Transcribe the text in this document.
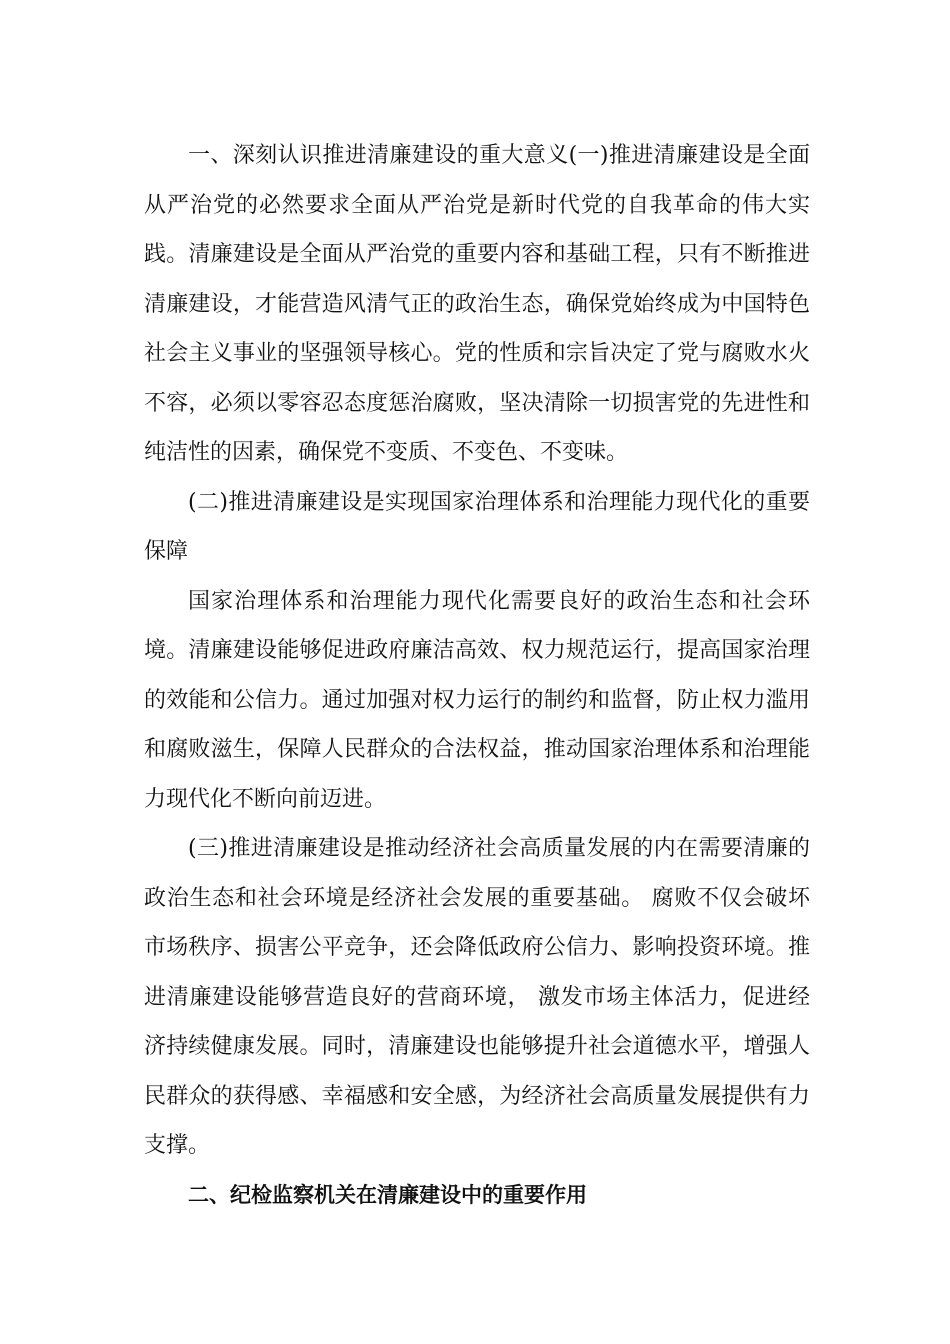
一、深刻认识推进清廉建设的重大意义(一)推进清廉建设是全面从严治党的必然要求全面从严治党是新时代党的自我革命的伟大实践。清廉建设是全面从严治党的重要内容和基础工程，只有不断推进清廉建设，才能营造风清气正的政治生态，确保党始终成为中国特色社会主义事业的坚强领导核心。党的性质和宗旨决定了党与腐败水火不容，必须以零容忍态度惩治腐败，坚决清除一切损害党的先进性和纯洁性的因素，确保党不变质、不变色、不变味。

(二)推进清廉建设是实现国家治理体系和治理能力现代化的重要保障

国家治理体系和治理能力现代化需要良好的政治生态和社会环境。清廉建设能够促进政府廉洁高效、权力规范运行，提高国家治理的效能和公信力。通过加强对权力运行的制约和监督，防止权力滥用和腐败滋生，保障人民群众的合法权益，推动国家治理体系和治理能力现代化不断向前迈进。

(三)推进清廉建设是推动经济社会高质量发展的内在需要清廉的政治生态和社会环境是经济社会发展的重要基础。 腐败不仅会破坏市场秩序、损害公平竞争，还会降低政府公信力、影响投资环境。推进清廉建设能够营造良好的营商环境， 激发市场主体活力，促进经济持续健康发展。同时，清廉建设也能够提升社会道德水平，增强人民群众的获得感、幸福感和安全感，为经济社会高质量发展提供有力支撑。

二、纪检监察机关在清廉建设中的重要作用
